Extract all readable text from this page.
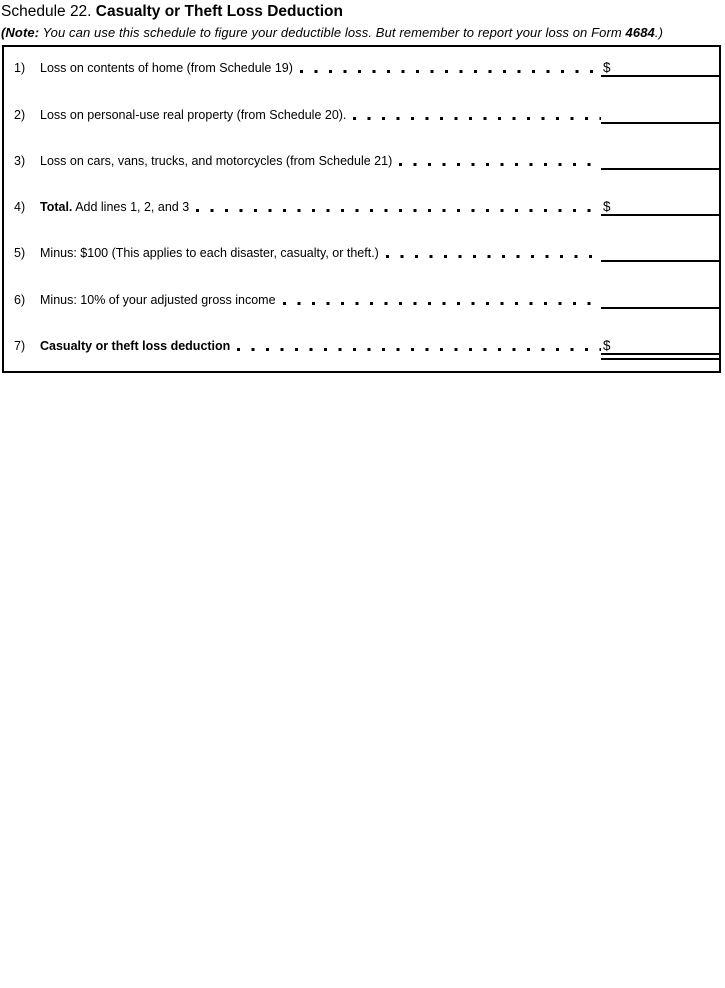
Schedule 22. Casualty or Theft Loss Deduction
(Note: You can use this schedule to figure your deductible loss. But remember to report your loss on Form 4684.)
1)	Loss on contents of home (from Schedule 19)	$
2)	Loss on personal-use real property (from Schedule 20).
3)	Loss on cars, vans, trucks, and motorcycles (from Schedule 21)
4)	Total. Add lines 1, 2, and 3	$
5)	Minus: $100 (This applies to each disaster, casualty, or theft.)
6)	Minus: 10% of your adjusted gross income
7)	Casualty or theft loss deduction	$
